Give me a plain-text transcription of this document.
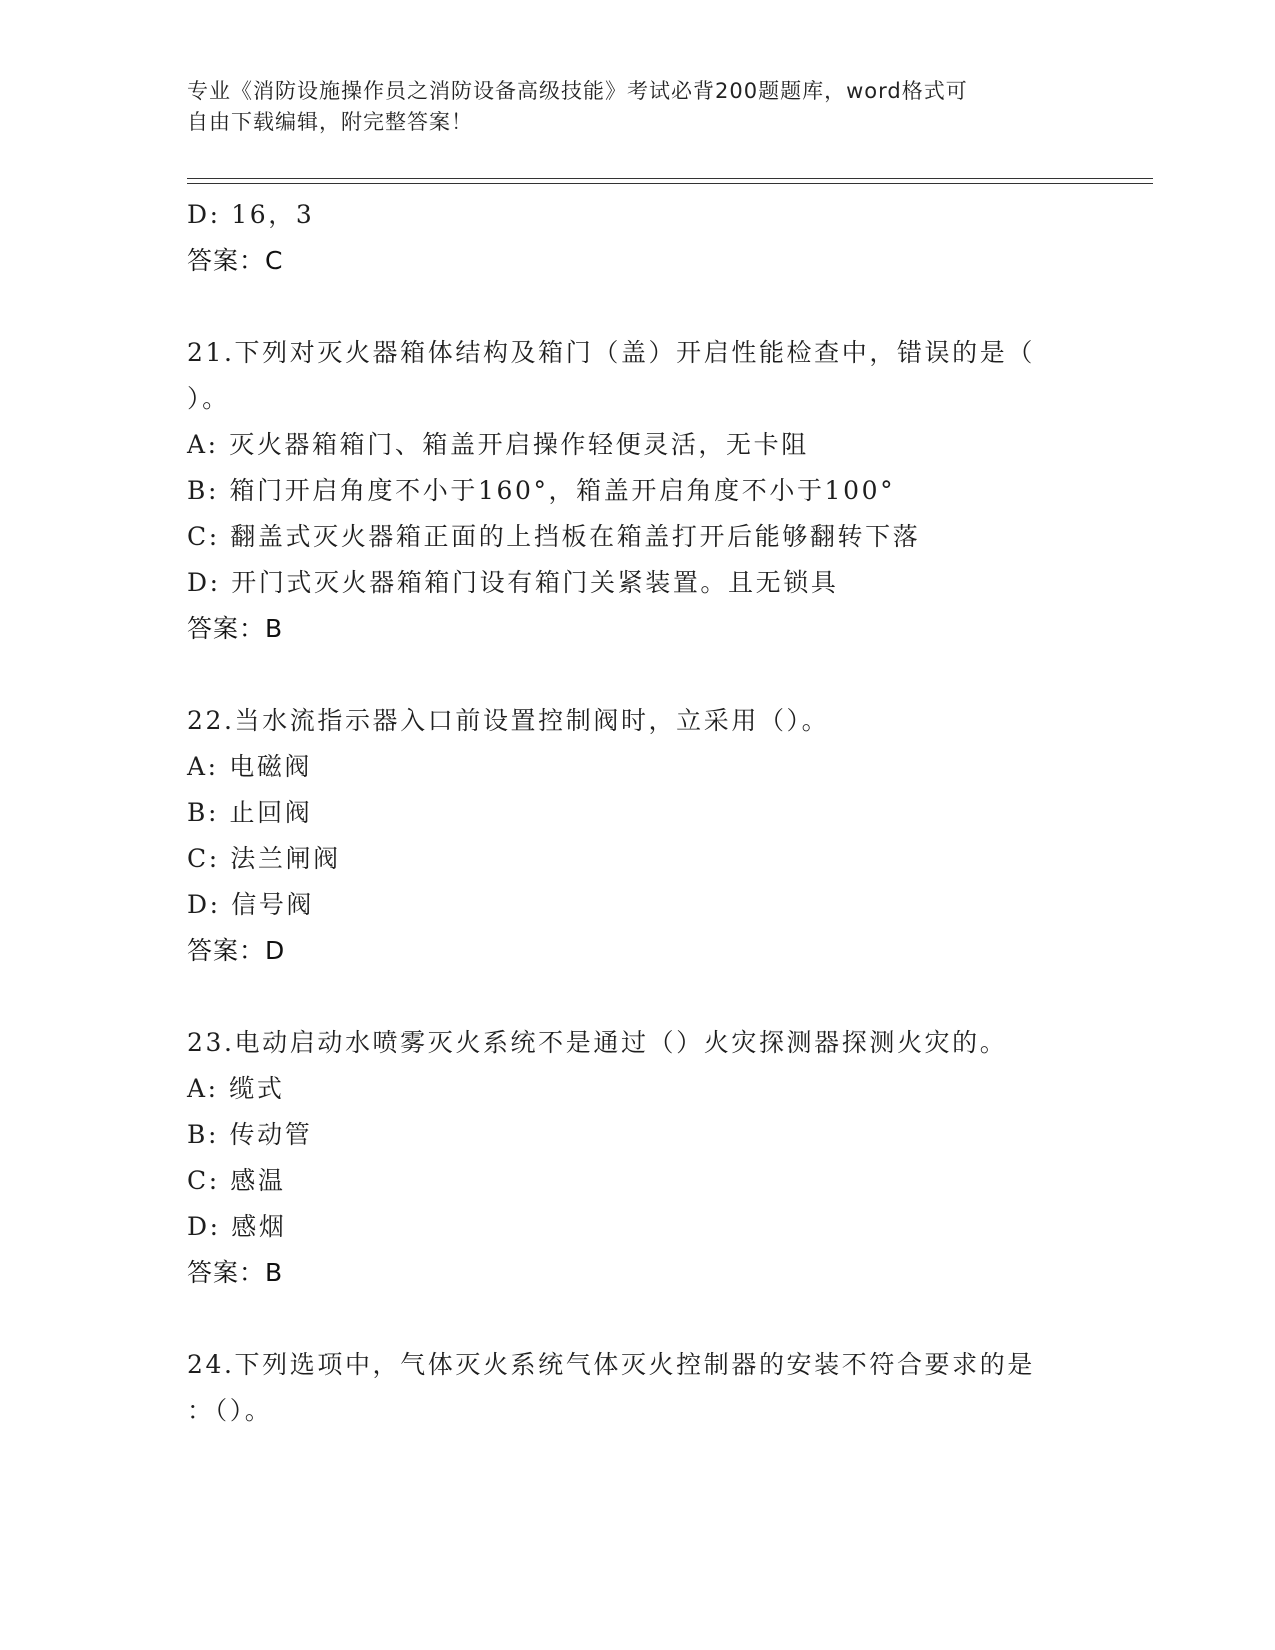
专业《消防设施操作员之消防设备高级技能》考试必背200题题库，word格式可
自由下载编辑，附完整答案！
D: 16，3
答案：C
21.下列对灭火器箱体结构及箱门（盖）开启性能检查中，错误的是（
）。
A: 灭火器箱箱门、箱盖开启操作轻便灵活，无卡阻
B: 箱门开启角度不小于160°，箱盖开启角度不小于100°
C: 翻盖式灭火器箱正面的上挡板在箱盖打开后能够翻转下落
D: 开门式灭火器箱箱门设有箱门关紧装置。且无锁具
答案：B
22.当水流指示器入口前设置控制阀时，立采用（）。
A: 电磁阀
B: 止回阀
C: 法兰闸阀
D: 信号阀
答案：D
23.电动启动水喷雾灭火系统不是通过（）火灾探测器探测火灾的。
A: 缆式
B: 传动管
C: 感温
D: 感烟
答案：B
24.下列选项中，气体灭火系统气体灭火控制器的安装不符合要求的是
：（）。
